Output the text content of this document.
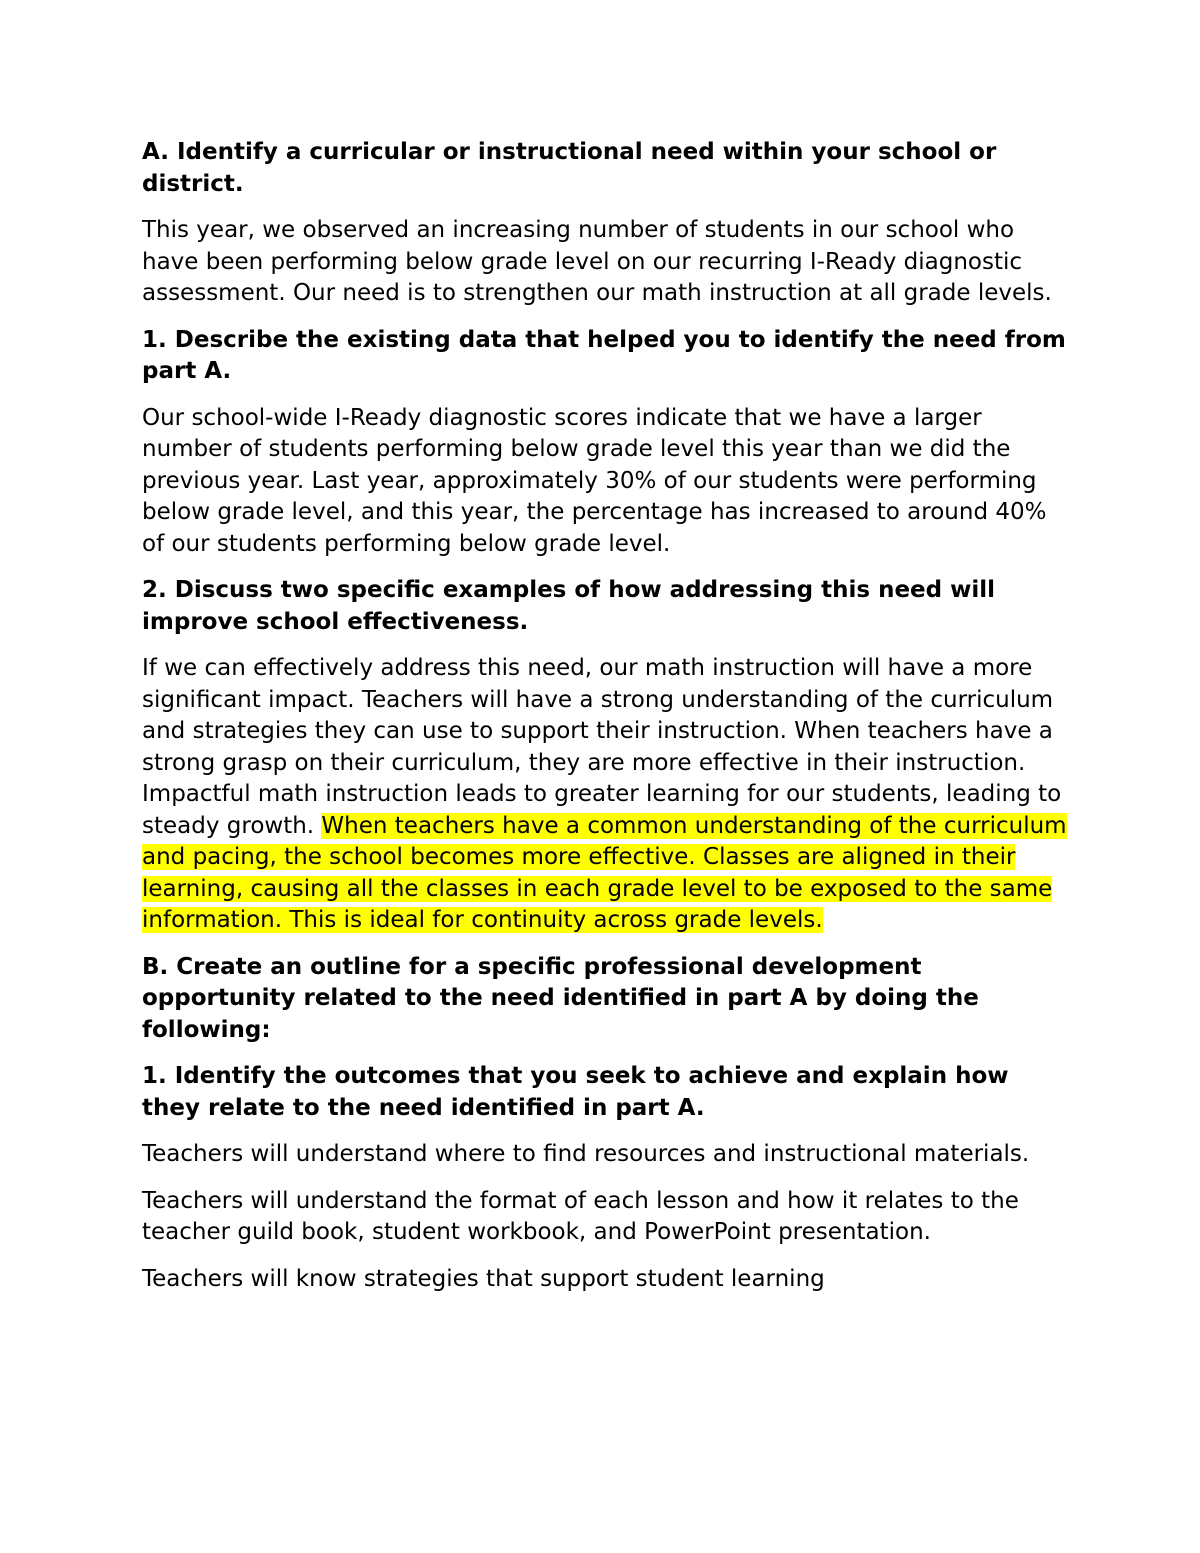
A. Identify a curricular or instructional need within your school or district.

This year, we observed an increasing number of students in our school who have been performing below grade level on our recurring I-Ready diagnostic assessment. Our need is to strengthen our math instruction at all grade levels.

1. Describe the existing data that helped you to identify the need from part A.

Our school-wide I-Ready diagnostic scores indicate that we have a larger number of students performing below grade level this year than we did the previous year. Last year, approximately 30% of our students were performing below grade level, and this year, the percentage has increased to around 40% of our students performing below grade level.

2. Discuss two specific examples of how addressing this need will improve school effectiveness.

If we can effectively address this need, our math instruction will have a more significant impact. Teachers will have a strong understanding of the curriculum and strategies they can use to support their instruction. When teachers have a strong grasp on their curriculum, they are more effective in their instruction. Impactful math instruction leads to greater learning for our students, leading to steady growth. When teachers have a common understanding of the curriculum and pacing, the school becomes more effective. Classes are aligned in their learning, causing all the classes in each grade level to be exposed to the same information. This is ideal for continuity across grade levels.

B. Create an outline for a specific professional development opportunity related to the need identified in part A by doing the following:

1. Identify the outcomes that you seek to achieve and explain how they relate to the need identified in part A.

Teachers will understand where to find resources and instructional materials.

Teachers will understand the format of each lesson and how it relates to the teacher guild book, student workbook, and PowerPoint presentation.

Teachers will know strategies that support student learning
